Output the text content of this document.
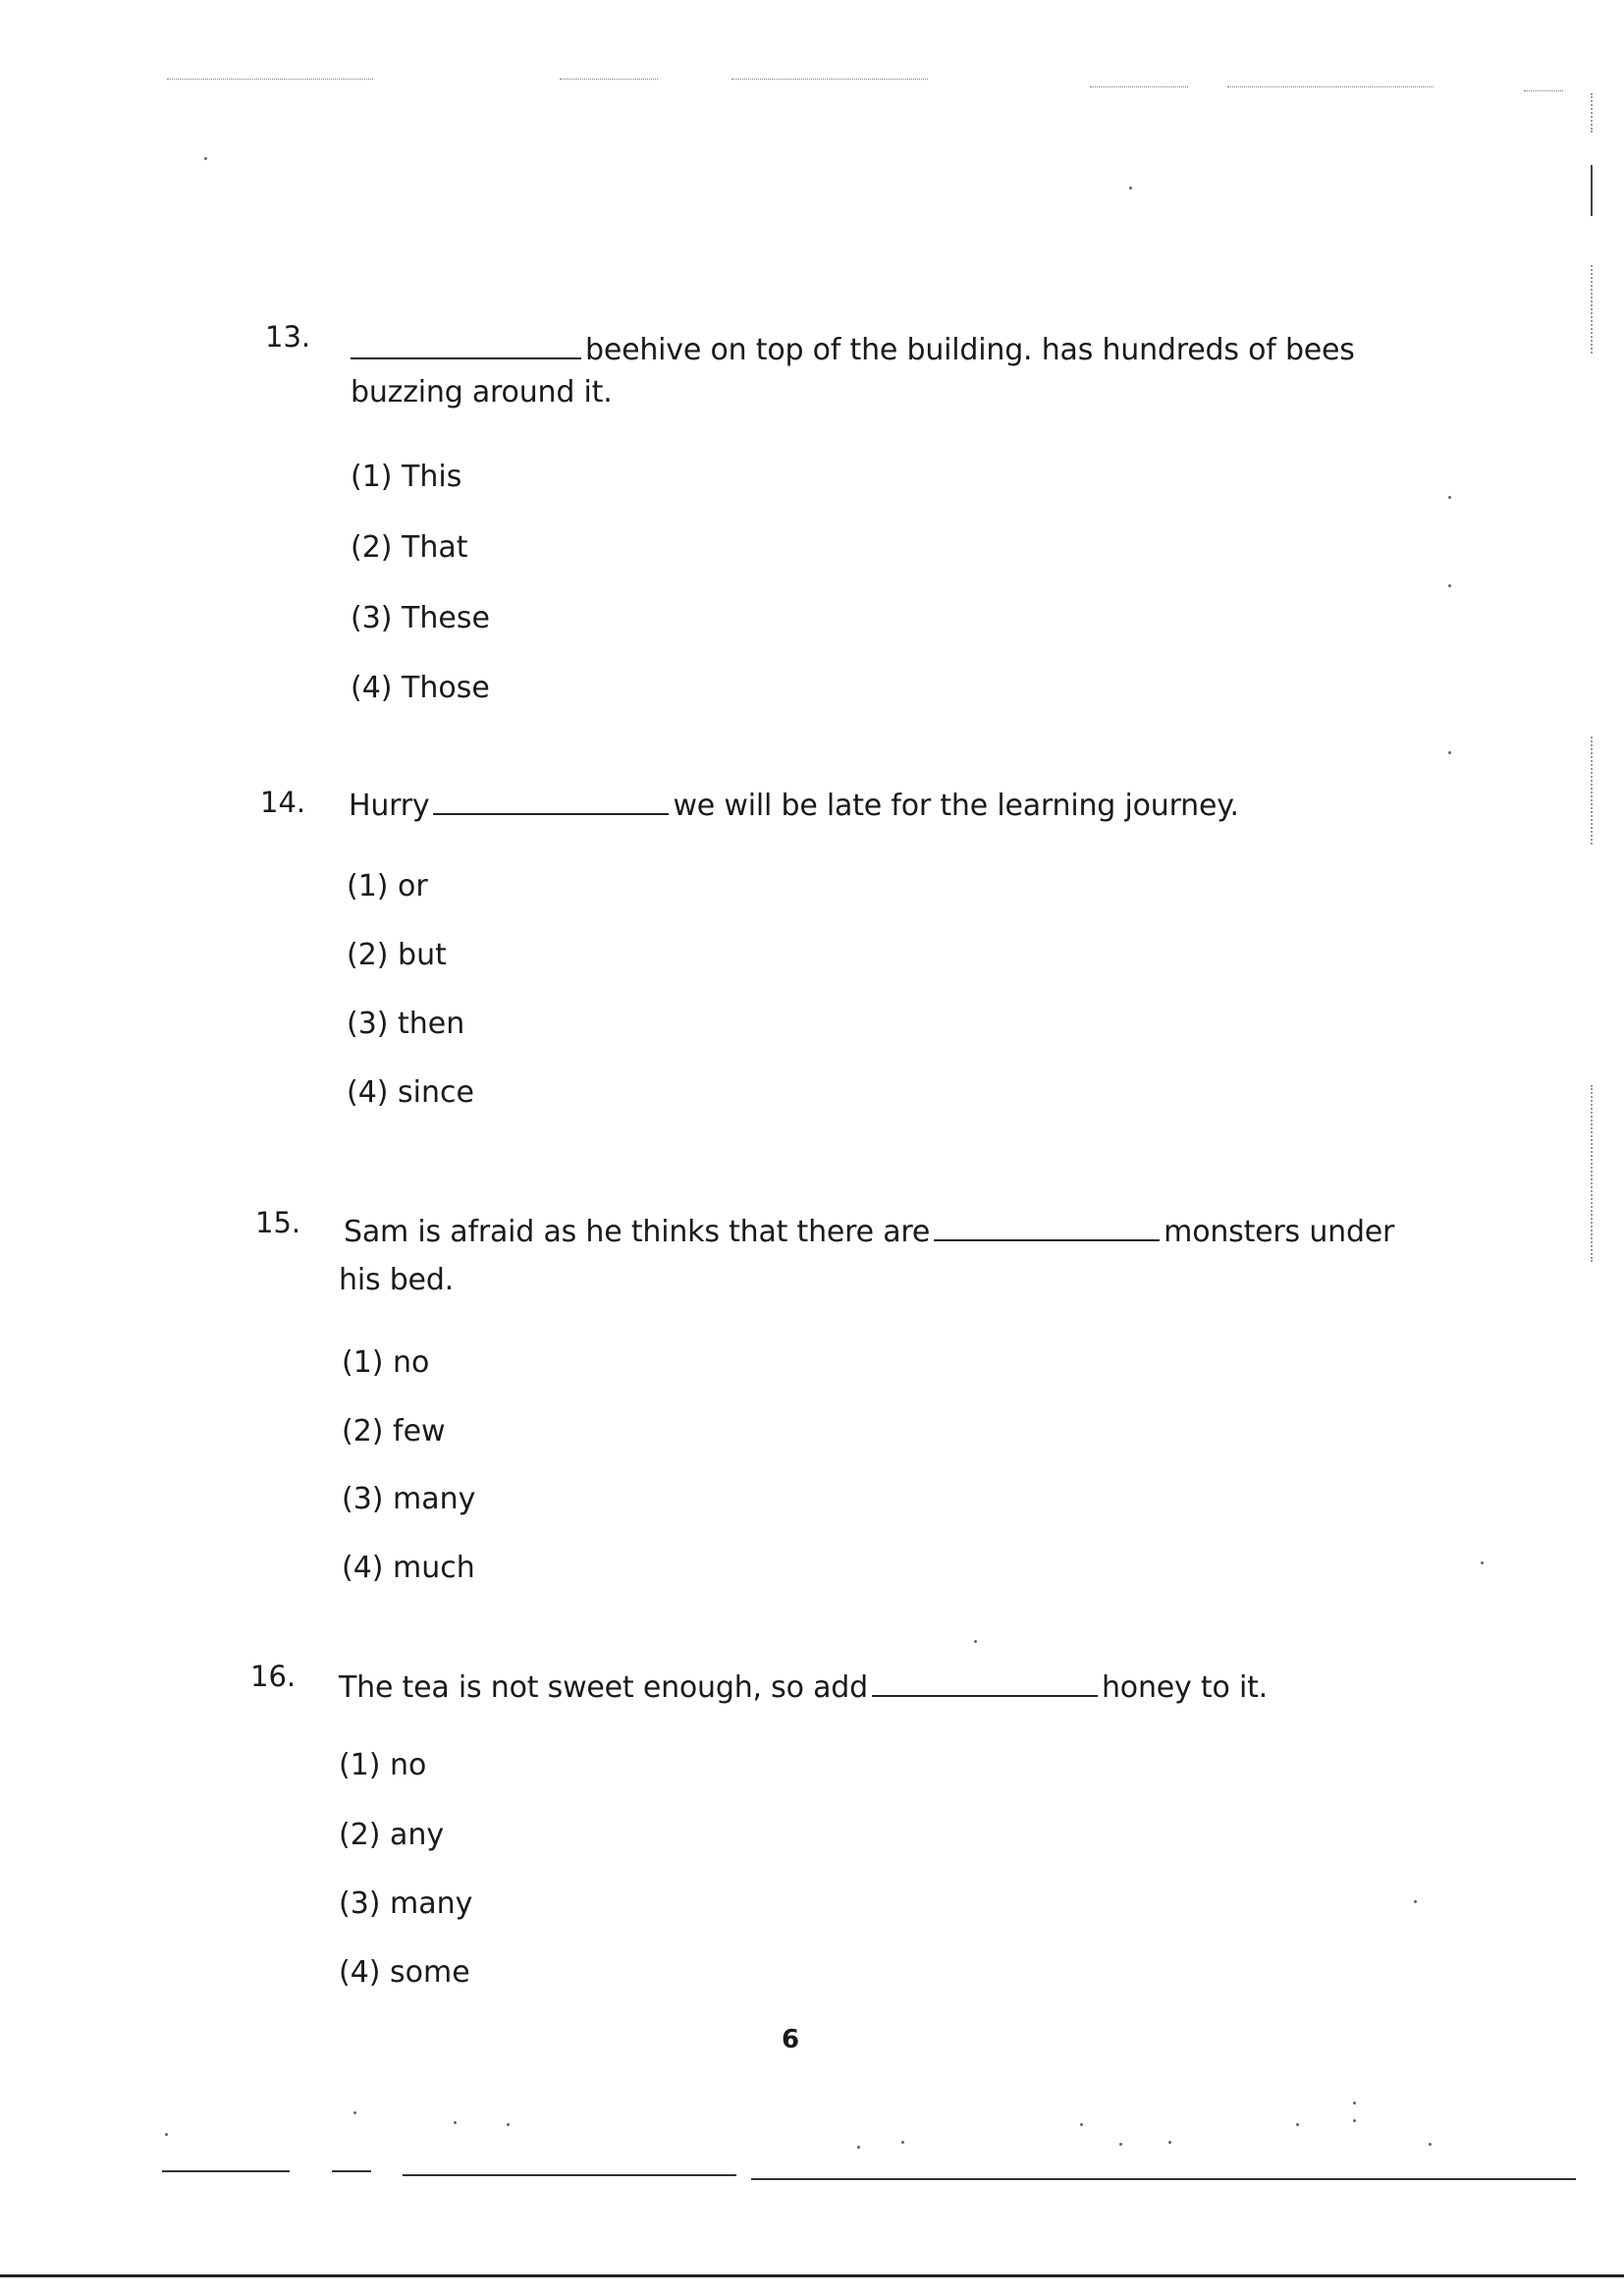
13.	beehive on top of the building. has hundreds of bees
buzzing around it.
(1) This
(2) That
(3) These
(4) Those
14. Hurry	we will be late for the learning journey.
(1) or
(2) but
(3) then
(4) since
15. Sam is afraid as he thinks that there are	monsters under
his bed.
(1) no
(2) few
(3) many
(4) much
16. The tea is not sweet enough, so add	honey to it.
(1) no
(2) any
(3) many
(4) some
6
